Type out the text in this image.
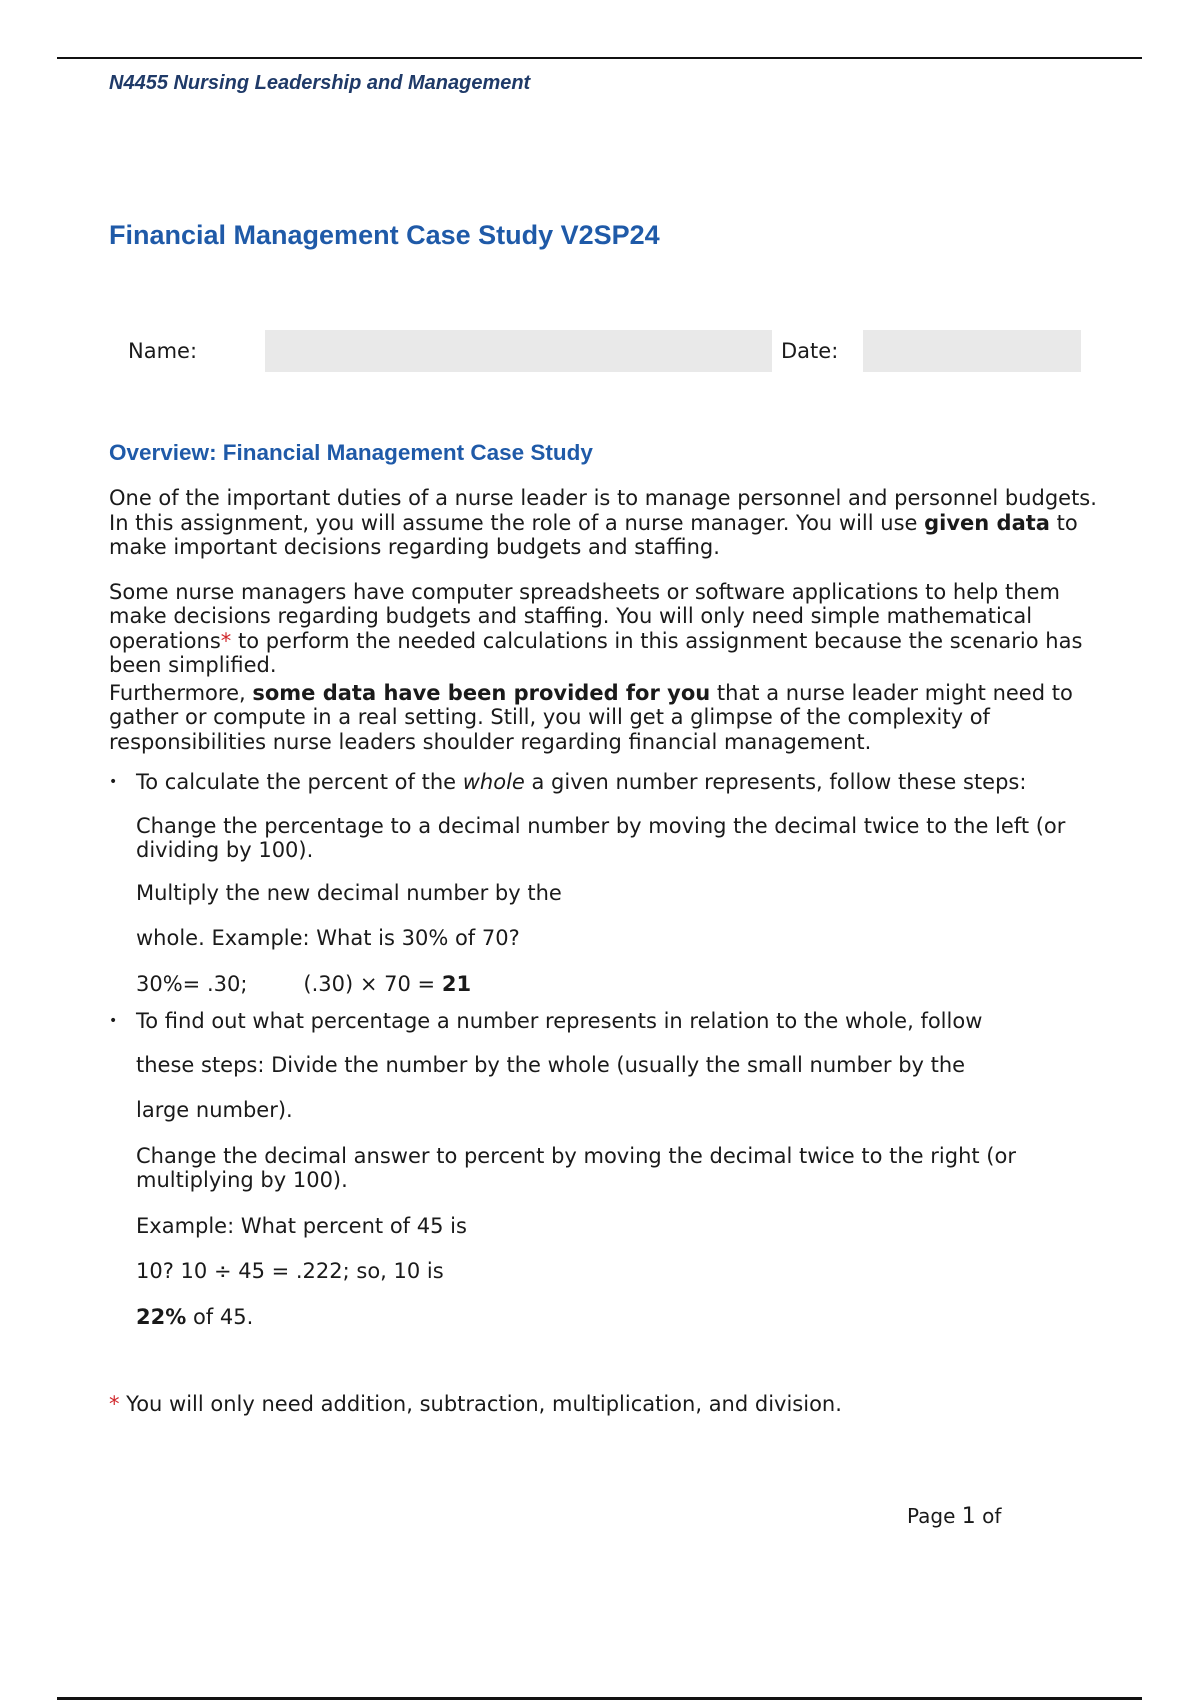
N4455 Nursing Leadership and Management

Financial Management Case Study V2SP24
Name:	Date:
Overview: Financial Management Case Study

One of the important duties of a nurse leader is to manage personnel and personnel budgets. In this assignment, you will assume the role of a nurse manager. You will use given data to make important decisions regarding budgets and staffing.

Some nurse managers have computer spreadsheets or software applications to help them make decisions regarding budgets and staffing. You will only need simple mathematical operations* to perform the needed calculations in this assignment because the scenario has been simplified.

Furthermore, some data have been provided for you that a nurse leader might need to gather or compute in a real setting. Still, you will get a glimpse of the complexity of responsibilities nurse leaders shoulder regarding financial management.

• To calculate the percent of the whole a given number represents, follow these steps:

Change the percentage to a decimal number by moving the decimal twice to the left (or dividing by 100).

Multiply the new decimal number by the

whole. Example: What is 30% of 70?

30%= .30;	(.30) × 70 = 21

• To find out what percentage a number represents in relation to the whole, follow

these steps: Divide the number by the whole (usually the small number by the

large number).

Change the decimal answer to percent by moving the decimal twice to the right (or multiplying by 100).

Example: What percent of 45 is

10? 10 ÷ 45 = .222; so, 10 is

22% of 45.

* You will only need addition, subtraction, multiplication, and division.

Page 1 of
